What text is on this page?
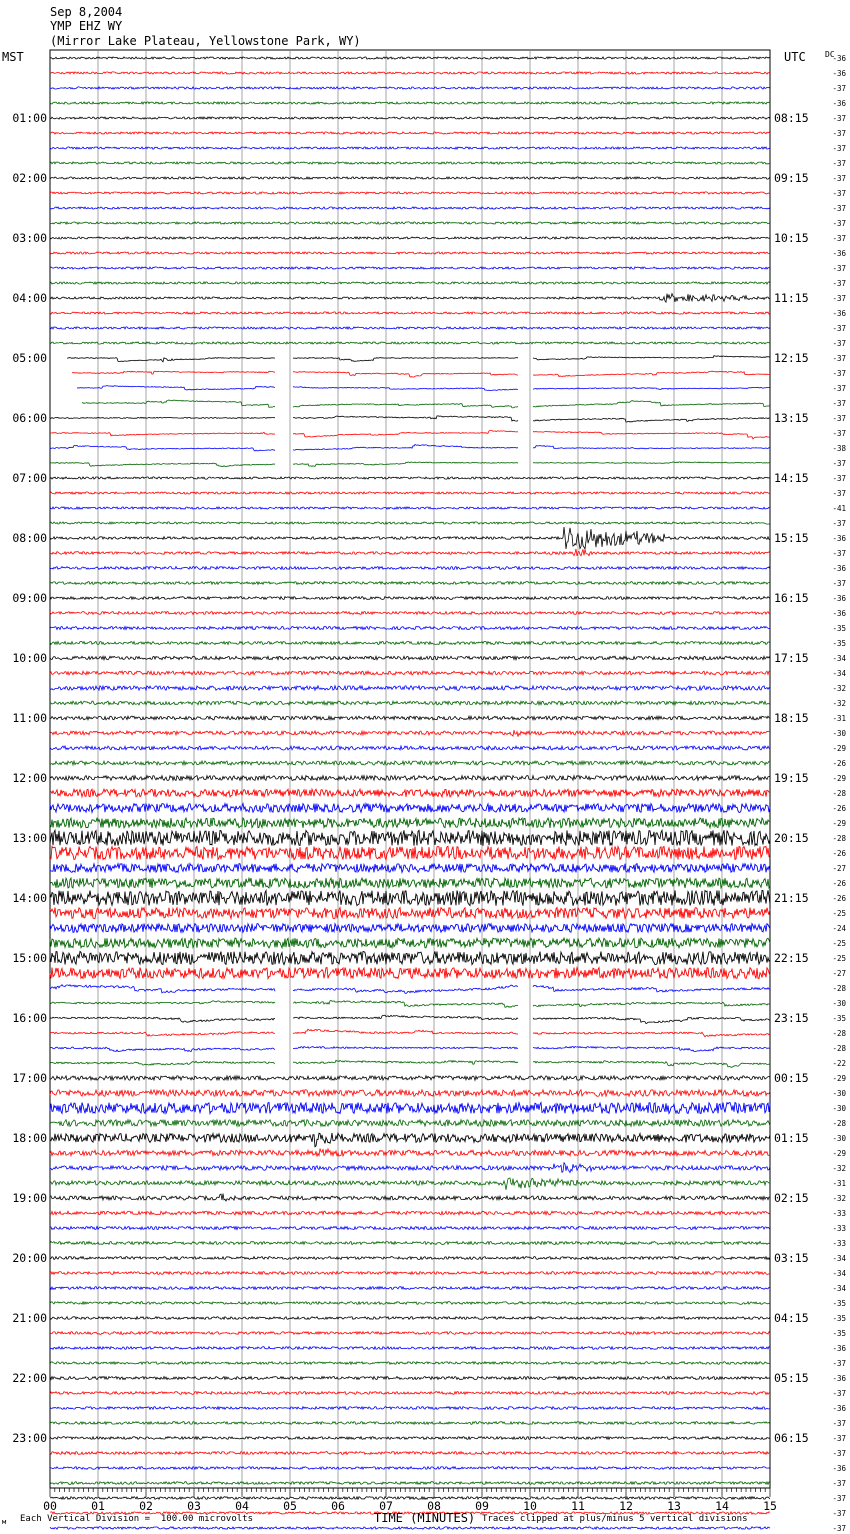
Sep 8,2004
YMP EHZ WY
(Mirror Lake Plateau, Yellowstone Park, WY)
MST	UTC DC
-36
-36
-37
-36
-37
-37
-37
-37
-37
-37
-37
-37
-37
-36
-37
-37
-37
-36
-37
-37
-37
-37
-37
-37
-37
-37
-38
-37
-37
-37
-41
-37
-36
-37
-36
-37
-36
-36
-35
-35
-34
-34
-32
-32
-31
-30
-29
-26
-29
-28
-26
-29
-28
-26
-27
-26
-26
-25
-24
-25
-25
-27
-28
-30
-35
-28
-28
-22
-29
-30
-30
-28
-30
-29
-32
-31
-32
-33
-33
-33
-34
-34
-34
-35
-35
-35
-36
-37
-36
-37
-36
-37
-37
-37
-36
-37
-37
-37
-37
01:00
02:00
03:00
04:00
05:00
06:00
07:00
08:00
09:00
10:00
11:00
12:00
13:00
14:00
15:00
16:00
17:00
18:00
19:00
20:00
21:00
22:00
23:00
08:15
09:15
10:15
11:15
12:15
13:15
14:15
15:15
16:15
17:15
18:15
19:15
20:15
21:15
22:15
23:15
00:15
01:15
02:15
03:15
04:15
05:15
06:15
00	01	02	03	04	05	06	07	08	09	10	11	12	13	14	15
Each Vertical Division =  100.00 microvolts	TIME (MINUTES) Traces clipped at plus/minus 5 vertical divisions
м
